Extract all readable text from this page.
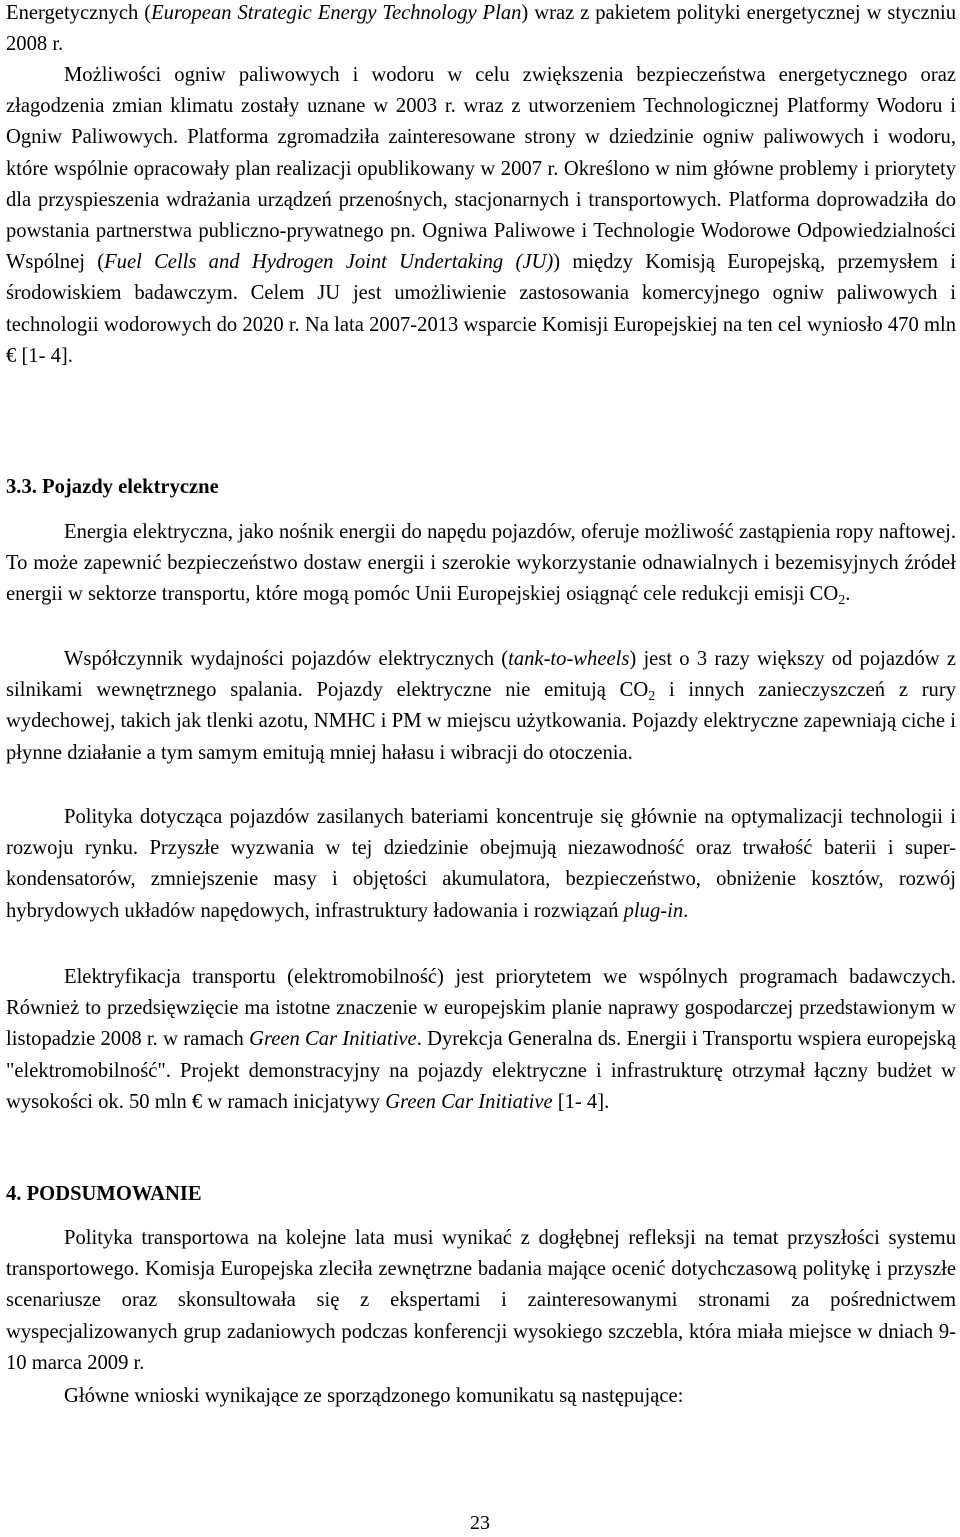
Energetycznych (European Strategic Energy Technology Plan) wraz z pakietem polityki energetycznej w styczniu 2008 r.

Możliwości ogniw paliwowych i wodoru w celu zwiększenia bezpieczeństwa energetycznego oraz złagodzenia zmian klimatu zostały uznane w 2003 r. wraz z utworzeniem Technologicznej Platformy Wodoru i Ogniw Paliwowych. Platforma zgromadziła zainteresowane strony w dziedzinie ogniw paliwowych i wodoru, które wspólnie opracowały plan realizacji opublikowany w 2007 r. Określono w nim główne problemy i priorytety dla przyspieszenia wdrażania urządzeń przenośnych, stacjonarnych i transportowych. Platforma doprowadziła do powstania partnerstwa publiczno-prywatnego pn. Ogniwa Paliwowe i Technologie Wodorowe Odpowiedzialności Wspólnej (Fuel Cells and Hydrogen Joint Undertaking (JU)) między Komisją Europejską, przemysłem i środowiskiem badawczym. Celem JU jest umożliwienie zastosowania komercyjnego ogniw paliwowych i technologii wodorowych do 2020 r. Na lata 2007-2013 wsparcie Komisji Europejskiej na ten cel wyniosło 470 mln € [1- 4].

3.3. Pojazdy elektryczne

Energia elektryczna, jako nośnik energii do napędu pojazdów, oferuje możliwość zastąpienia ropy naftowej. To może zapewnić bezpieczeństwo dostaw energii i szerokie wykorzystanie odnawialnych i bezemisyjnych źródeł energii w sektorze transportu, które mogą pomóc Unii Europejskiej osiągnąć cele redukcji emisji $CO_2$.

Współczynnik wydajności pojazdów elektrycznych (tank-to-wheels) jest o 3 razy większy od pojazdów z silnikami wewnętrznego spalania. Pojazdy elektryczne nie emitują $CO_2$ i innych zanieczyszczeń z rury wydechowej, takich jak tlenki azotu, NMHC i PM w miejscu użytkowania. Pojazdy elektryczne zapewniają ciche i płynne działanie a tym samym emitują mniej hałasu i wibracji do otoczenia.

Polityka dotycząca pojazdów zasilanych bateriami koncentruje się głównie na optymalizacji technologii i rozwoju rynku. Przyszłe wyzwania w tej dziedzinie obejmują niezawodność oraz trwałość baterii i super-kondensatorów, zmniejszenie masy i objętości akumulatora, bezpieczeństwo, obniżenie kosztów, rozwój hybrydowych układów napędowych, infrastruktury ładowania i rozwiązań plug-in.

Elektryfikacja transportu (elektromobilność) jest priorytetem we wspólnych programach badawczych. Również to przedsięwzięcie ma istotne znaczenie w europejskim planie naprawy gospodarczej przedstawionym w listopadzie 2008 r. w ramach Green Car Initiative. Dyrekcja Generalna ds. Energii i Transportu wspiera europejską "elektromobilność". Projekt demonstracyjny na pojazdy elektryczne i infrastrukturę otrzymał łączny budżet w wysokości ok. 50 mln € w ramach inicjatywy Green Car Initiative [1- 4].

4. PODSUMOWANIE

Polityka transportowa na kolejne lata musi wynikać z dogłębnej refleksji na temat przyszłości systemu transportowego. Komisja Europejska zleciła zewnętrzne badania mające ocenić dotychczasową politykę i przyszłe scenariusze oraz skonsultowała się z ekspertami i zainteresowanymi stronami za pośrednictwem wyspecjalizowanych grup zadaniowych podczas konferencji wysokiego szczebla, która miała miejsce w dniach 9-10 marca 2009 r.

Główne wnioski wynikające ze sporządzonego komunikatu są następujące:

23
